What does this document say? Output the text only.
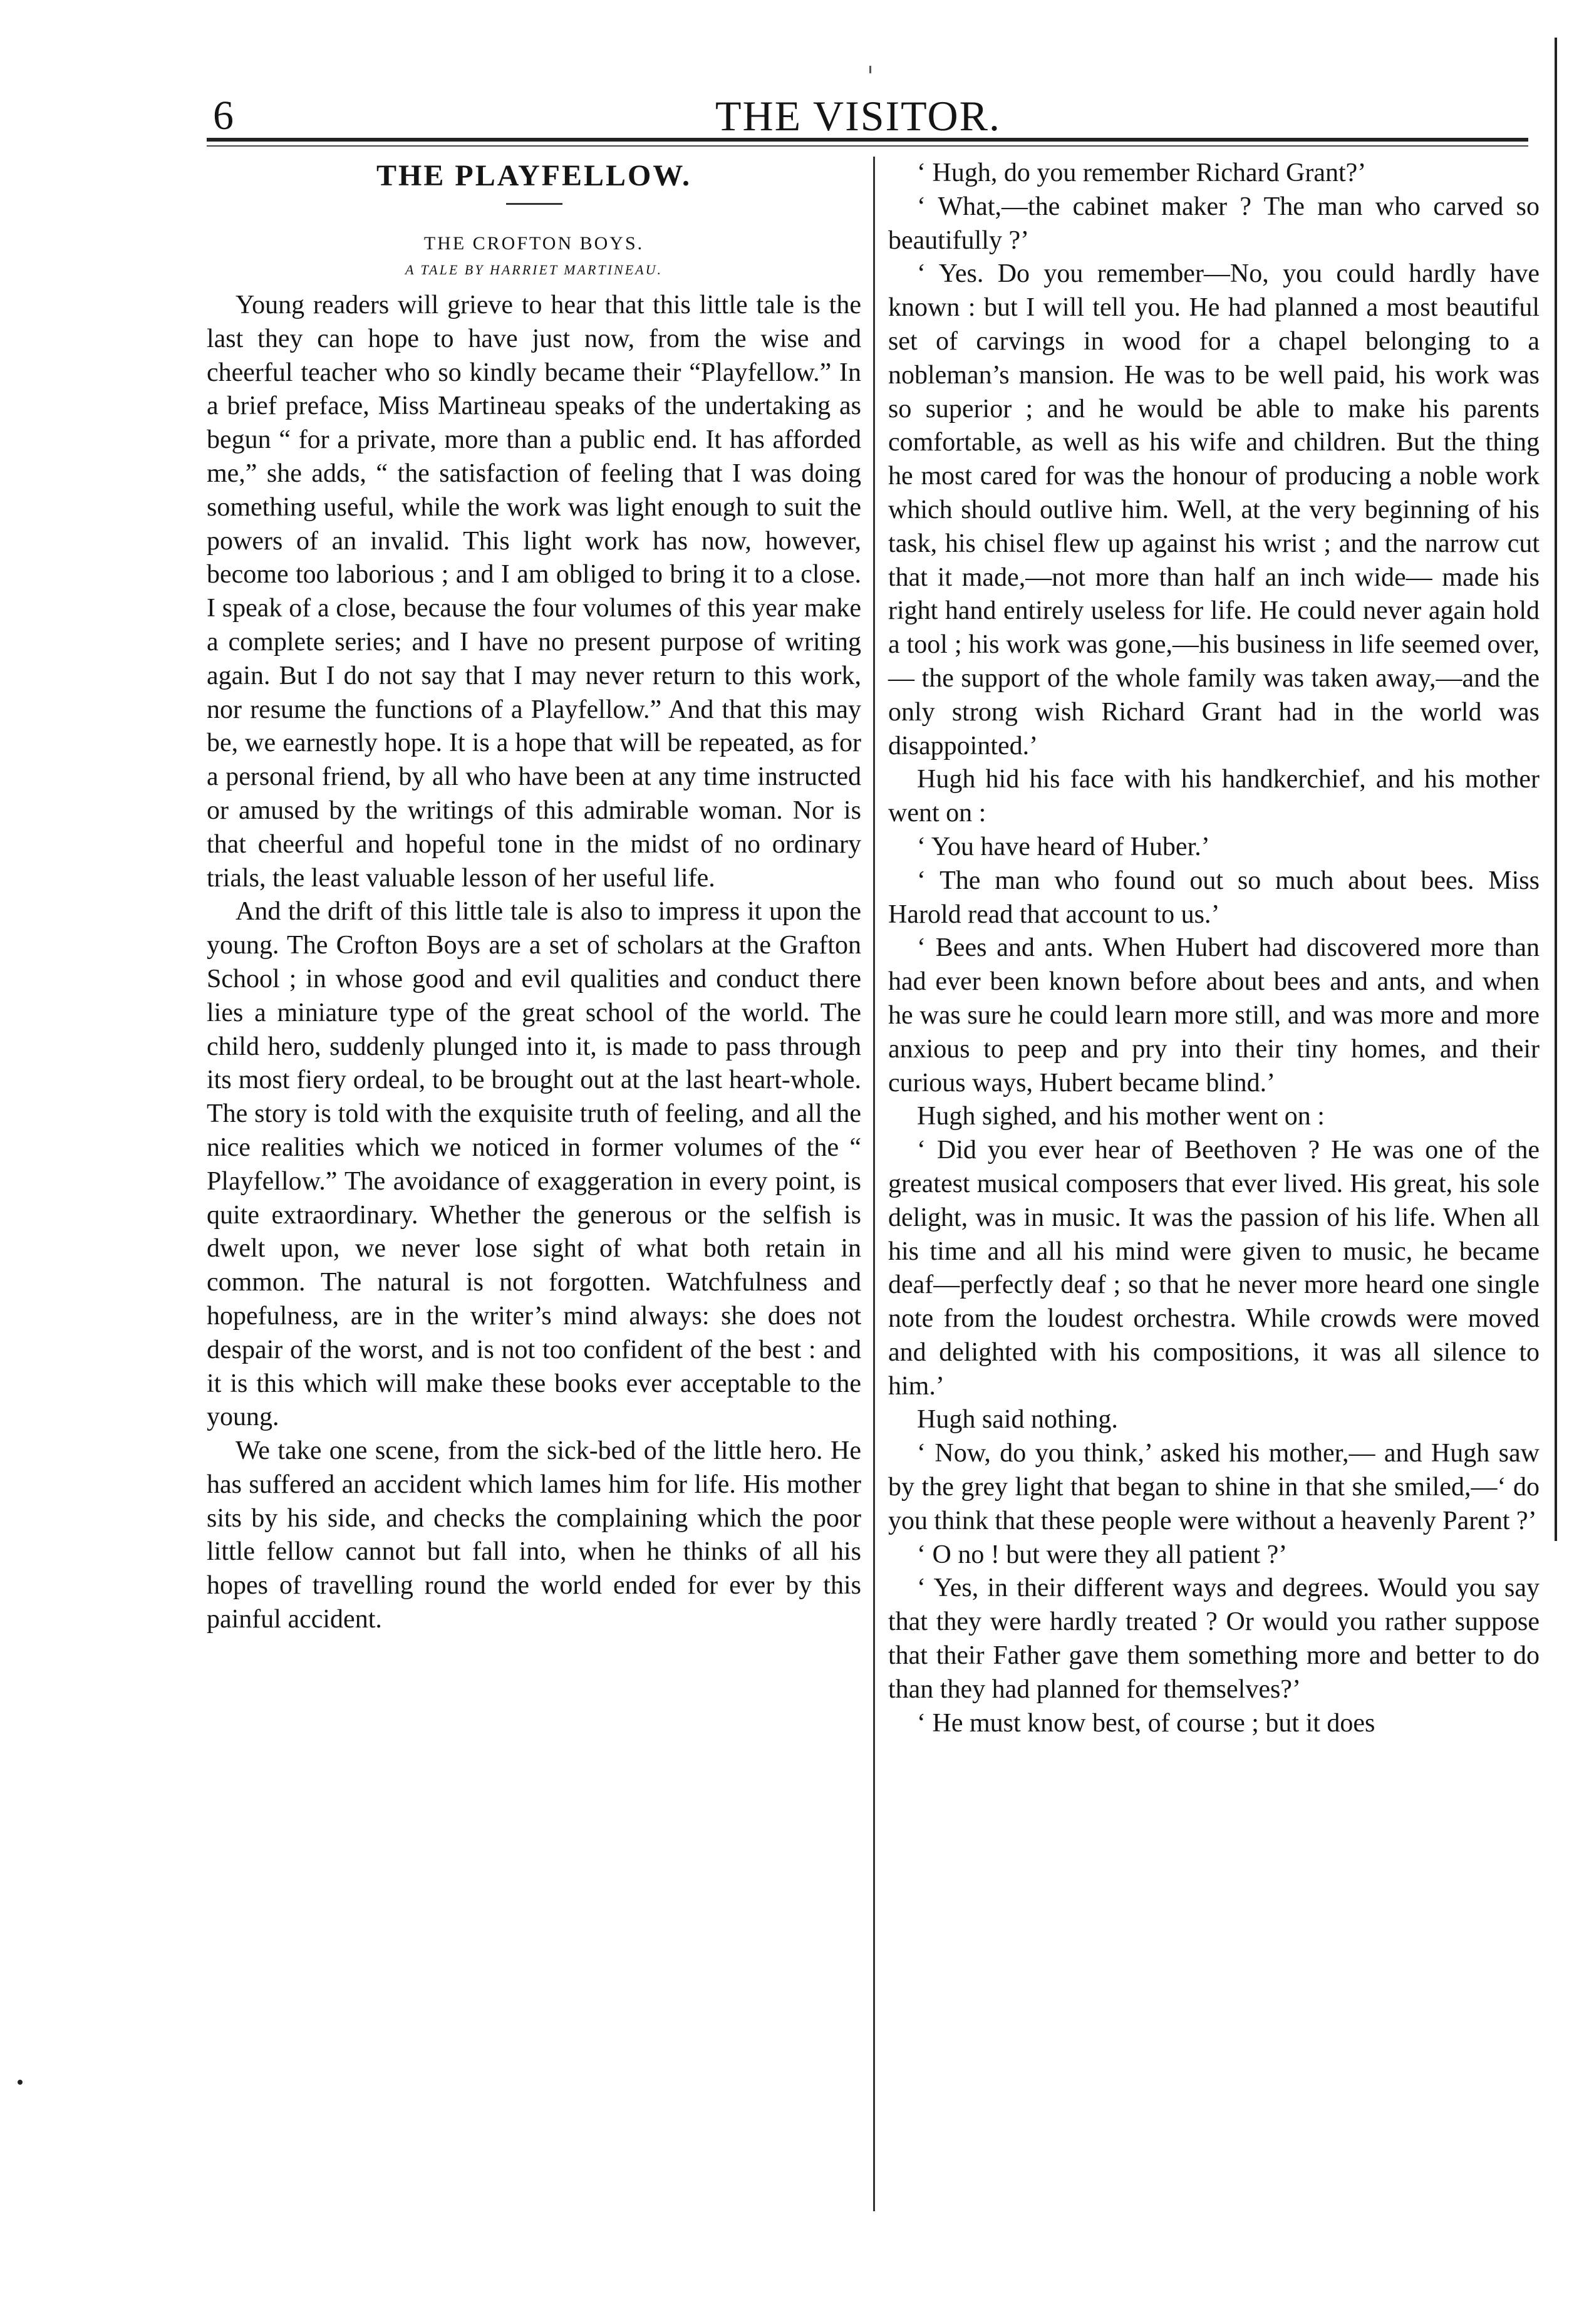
6	THE VISITOR.
THE PLAYFELLOW.
THE CROFTON BOYS.
A TALE BY HARRIET MARTINEAU.

Young readers will grieve to hear that this little tale is the last they can hope to have just now, from the wise and cheerful teacher who so kindly became their “Playfellow.” In a brief preface, Miss Martineau speaks of the undertaking as begun “ for a private, more than a public end. It has afforded me,” she adds, “ the satisfaction of feeling that I was doing something useful, while the work was light enough to suit the powers of an invalid. This light work has now, however, become too laborious ; and I am obliged to bring it to a close. I speak of a close, because the four volumes of this year make a complete series; and I have no present purpose of writing again. But I do not say that I may never return to this work, nor resume the functions of a Playfellow.” And that this may be, we earnestly hope. It is a hope that will be repeated, as for a personal friend, by all who have been at any time instructed or amused by the writings of this admirable woman. Nor is that cheerful and hopeful tone in the midst of no ordinary trials, the least valuable lesson of her useful life.

And the drift of this little tale is also to impress it upon the young. The Crofton Boys are a set of scholars at the Grafton School ; in whose good and evil qualities and conduct there lies a miniature type of the great school of the world. The child hero, suddenly plunged into it, is made to pass through its most fiery ordeal, to be brought out at the last heart-whole. The story is told with the exquisite truth of feeling, and all the nice realities which we noticed in former volumes of the “ Playfellow.” The avoidance of exaggeration in every point, is quite extraordinary. Whether the generous or the selfish is dwelt upon, we never lose sight of what both retain in common. The natural is not forgotten. Watchfulness and hopefulness, are in the writer’s mind always: she does not despair of the worst, and is not too confident of the best : and it is this which will make these books ever acceptable to the young.

We take one scene, from the sick-bed of the little hero. He has suffered an accident which lames him for life. His mother sits by his side, and checks the complaining which the poor little fellow cannot but fall into, when he thinks of all his hopes of travelling round the world ended for ever by this painful accident.

‘ Hugh, do you remember Richard Grant?’

‘ What,—the cabinet maker ? The man who carved so beautifully ?’

‘ Yes. Do you remember—No, you could hardly have known : but I will tell you. He had planned a most beautiful set of carvings in wood for a chapel belonging to a nobleman’s mansion. He was to be well paid, his work was so superior ; and he would be able to make his parents comfortable, as well as his wife and children. But the thing he most cared for was the honour of producing a noble work which should outlive him. Well, at the very beginning of his task, his chisel flew up against his wrist ; and the narrow cut that it made,—not more than half an inch wide— made his right hand entirely useless for life. He could never again hold a tool ; his work was gone,—his business in life seemed over,— the support of the whole family was taken away,—and the only strong wish Richard Grant had in the world was disappointed.’

Hugh hid his face with his handkerchief, and his mother went on :

‘ You have heard of Huber.’

‘ The man who found out so much about bees. Miss Harold read that account to us.’

‘ Bees and ants. When Hubert had discovered more than had ever been known before about bees and ants, and when he was sure he could learn more still, and was more and more anxious to peep and pry into their tiny homes, and their curious ways, Hubert became blind.’

Hugh sighed, and his mother went on :

‘ Did you ever hear of Beethoven ? He was one of the greatest musical composers that ever lived. His great, his sole delight, was in music. It was the passion of his life. When all his time and all his mind were given to music, he became deaf—perfectly deaf ; so that he never more heard one single note from the loudest orchestra. While crowds were moved and delighted with his compositions, it was all silence to him.’

Hugh said nothing.

‘ Now, do you think,’ asked his mother,— and Hugh saw by the grey light that began to shine in that she smiled,—‘ do you think that these people were without a heavenly Parent ?’

‘ O no ! but were they all patient ?’

‘ Yes, in their different ways and degrees. Would you say that they were hardly treated ? Or would you rather suppose that their Father gave them something more and better to do than they had planned for themselves?’

‘ He must know best, of course ; but it does
